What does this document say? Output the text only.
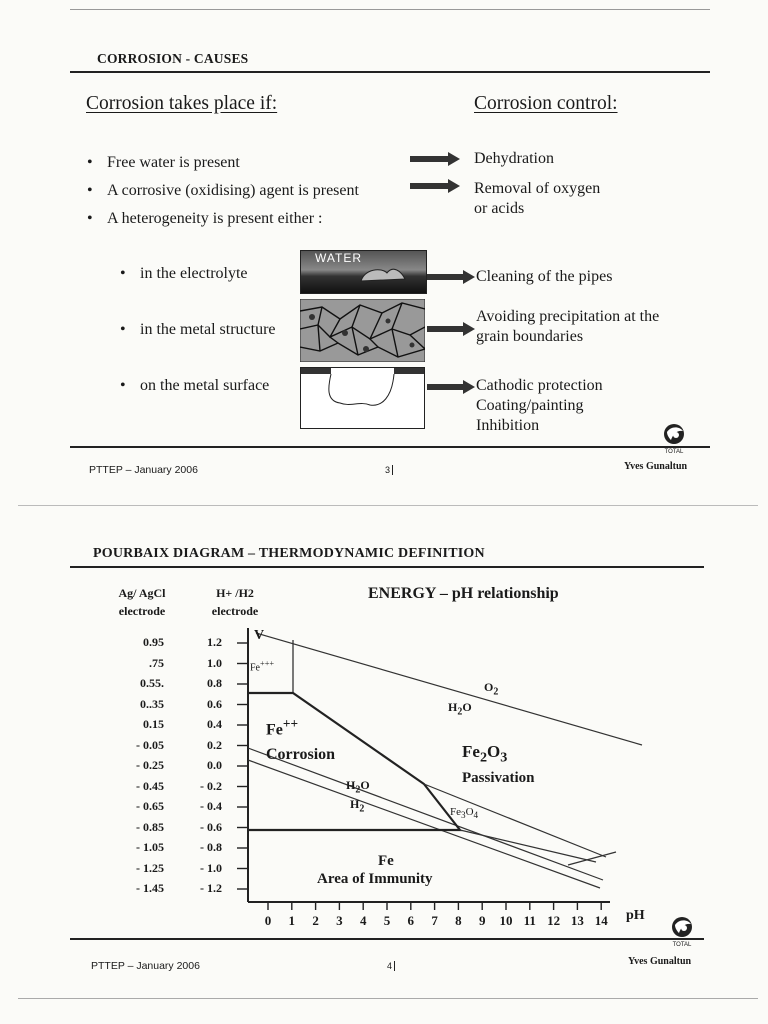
CORROSION - CAUSES
Corrosion takes place if:	Corrosion control:
• Free water is present
• A corrosive (oxidising) agent is present
• A heterogeneity is present either :
Dehydration
Removal of oxygen
or acids
• in the electrolyte
• in the metal structure
• on the metal surface
WATER
Cleaning of the pipes
Avoiding precipitation at the
grain boundaries
Cathodic protection
Coating/painting
Inhibition
TOTAL
PTTEP – January 2006	3	Yves Gunaltun
POURBAIX DIAGRAM – THERMODYNAMIC DEFINITION
Ag/ AgCl
electrode
H+ /H2
electrode
ENERGY – pH relationship
0.95
.75
0.55.
0..35
0.15
- 0.05
- 0.25
- 0.45
- 0.65
- 0.85
- 1.05
- 1.25
- 1.45
1.2
1.0
0.8
0.6
0.4
0.2
0.0
- 0.2
- 0.4
- 0.6
- 0.8
- 1.0
- 1.2
V
Fe+++
Fe++
Corrosion	$Fe_2O_3$
Passivation
$Fe_3O_4$
Fe
Area of Immunity
$O_2$
$H_2O$
$H_2O$
$H_2$
0	1	2	3	4	5	6	7	8	9	10 11 12 13 14 pH
TOTAL
PTTEP – January 2006	4	Yves Gunaltun
